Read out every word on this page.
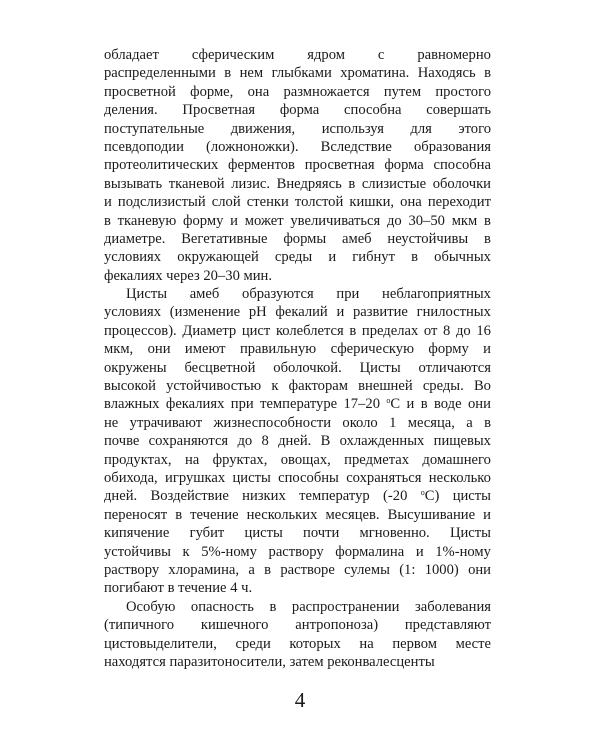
обладает сферическим ядром с равномерно
распределенными в нем глыбками хроматина. Находясь в
просветной форме, она размножается путем простого
деления. Просветная форма способна совершать
поступательные движения, используя для этого
псевдоподии (ложноножки). Вследствие образования
протеолитических ферментов просветная форма способна
вызывать тканевой лизис. Внедряясь в слизистые оболочки
и подслизистый слой стенки толстой кишки, она переходит
в тканевую форму и может увеличиваться до 30–50 мкм в
диаметре. Вегетативные формы амеб неустойчивы в
условиях окружающей среды и гибнут в обычных
фекалиях через 20–30 мин.
Цисты амеб образуются при неблагоприятных
условиях (изменение pH фекалий и развитие гнилостных
процессов). Диаметр цист колеблется в пределах от 8 до 16
мкм, они имеют правильную сферическую форму и
окружены бесцветной оболочкой. Цисты отличаются
высокой устойчивостью к факторам внешней среды. Во
влажных фекалиях при температуре 17–20 $^о$С и в воде они
не утрачивают жизнеспособности около 1 месяца, а в
почве сохраняются до 8 дней. В охлажденных пищевых
продуктах, на фруктах, овощах, предметах домашнего
обихода, игрушках цисты способны сохраняться несколько
дней. Воздействие низких температур (-20 $^о$С) цисты
переносят в течение нескольких месяцев. Высушивание и
кипячение губит цисты почти мгновенно. Цисты
устойчивы к 5%-ному раствору формалина и 1%-ному
раствору хлорамина, а в растворе сулемы (1: 1000) они
погибают в течение 4 ч.
Особую опасность в распространении заболевания
(типичного кишечного антропоноза) представляют
цистовыделители, среди которых на первом месте
находятся паразитоносители, затем реконвалесценты
4
